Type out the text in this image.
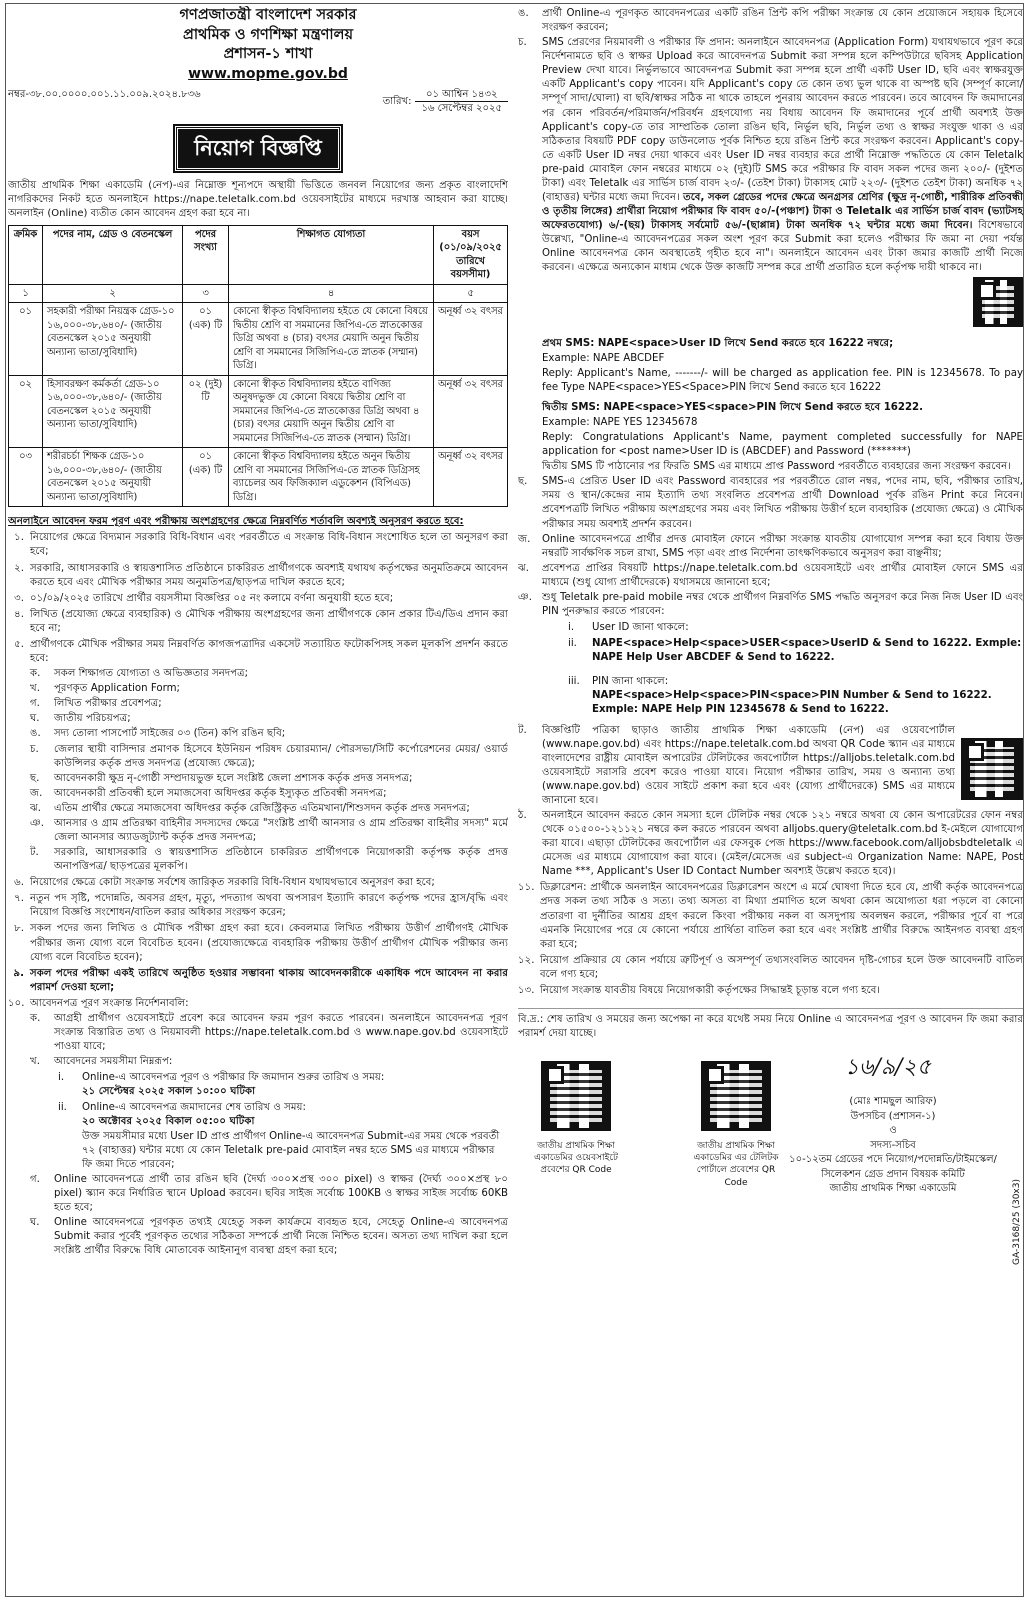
গণপ্রজাতন্ত্রী বাংলাদেশ সরকার
প্রাথমিক ও গণশিক্ষা মন্ত্রণালয়
প্রশাসন-১ শাখা
www.mopme.gov.bd
নম্বর-৩৮.০০.০০০০.০০১.১১.০০৯.২০২৪.৮৩৬
তারিখ:
০১ আশ্বিন ১৪৩২
১৬ সেপ্টেম্বর ২০২৫
নিয়োগ বিজ্ঞপ্তি

জাতীয় প্রাথমিক শিক্ষা একাডেমি (নেপ)-এর নিম্নোক্ত শূন্যপদে অস্থায়ী ভিত্তিতে জনবল নিয়োগের জন্য প্রকৃত বাংলাদেশি নাগরিকদের নিকট হতে অনলাইনে https://nape.teletalk.com.bd ওয়েবসাইটের মাধ্যমে দরখাস্ত আহবান করা যাচ্ছে। অনলাইন (Online) ব্যতীত কোন আবেদন গ্রহণ করা হবে না।

ক্রমিক	পদের নাম, গ্রেড ও বেতনস্কেল	পদের সংখ্যা	শিক্ষাগত যোগ্যতা	বয়স (০১/০৯/২০২৫ তারিখে বয়সসীমা)
১	২	৩	৪	৫
০১	সহকারী পরীক্ষা নিয়ন্ত্রক গ্রেড-১০ ১৬,০০০-৩৮,৬৪০/- (জাতীয় বেতনস্কেল ২০১৫ অনুযায়ী অন্যান্য ভাতা/সুবিধাদি)	০১ (এক) টি	কোনো স্বীকৃত বিশ্ববিদ্যালয় হইতে যে কোনো বিষয়ে দ্বিতীয় শ্রেণি বা সমমানের জিপিএ-তে স্নাতকোত্তর ডিগ্রি অথবা ৪ (চার) বৎসর মেয়াদি অনুন দ্বিতীয় শ্রেণি বা সমমানের সিজিপিএ-তে স্নাতক (সম্মান) ডিগ্রি।	অনূর্ধ্ব ৩২ বৎসর
০২	হিসাবরক্ষণ কর্মকর্তা গ্রেড-১০ ১৬,০০০-৩৮,৬৪০/- (জাতীয় বেতনস্কেল ২০১৫ অনুযায়ী অন্যান্য ভাতা/সুবিধাদি)	০২ (দুই) টি	কোনো স্বীকৃত বিশ্ববিদ্যালয় হইতে বাণিজ্য অনুষদভুক্ত যে কোনো বিষয়ে দ্বিতীয় শ্রেণি বা সমমানের জিপিএ-তে স্নাতকোত্তর ডিগ্রি অথবা ৪ (চার) বৎসর মেয়াদি অনুন দ্বিতীয় শ্রেণি বা সমমানের সিজিপিএ-তে স্নাতক (সম্মান) ডিগ্রি।	অনূর্ধ্ব ৩২ বৎসর
০৩	শরীরচর্চা শিক্ষক গ্রেড-১০ ১৬,০০০-৩৮,৬৪০/- (জাতীয় বেতনস্কেল ২০১৫ অনুযায়ী অন্যান্য ভাতা/সুবিধাদি)	০১ (এক) টি	কোনো স্বীকৃত বিশ্ববিদ্যালয় হইতে অনুন দ্বিতীয় শ্রেণি বা সমমানের সিজিপিএ-তে স্নাতক ডিগ্রিসহ ব্যাচেলর অব ফিজিক্যাল এডুকেশন (বিপিএড) ডিগ্রি।	অনূর্ধ্ব ৩২ বৎসর
অনলাইনে আবেদন ফরম পূরণ এবং পরীক্ষায় অংশগ্রহণের ক্ষেত্রে নিম্নবর্ণিত শর্তাবলি অবশ্যই অনুসরণ করতে হবে:
১. নিয়োগের ক্ষেত্রে বিদ্যমান সরকারি বিধি-বিধান এবং পরবর্তীতে এ সংক্রান্ত বিধি-বিধান সংশোধিত হলে তা অনুসরণ করা হবে;
২. সরকারি, আধাসরকারি ও স্বায়ত্তশাসিত প্রতিষ্ঠানে চাকরিরত প্রার্থীগণকে অবশ্যই যথাযথ কর্তৃপক্ষের অনুমতিক্রমে আবেদন করতে হবে এবং মৌখিক পরীক্ষার সময় অনুমতিপত্র/ছাড়পত্র দাখিল করতে হবে;
৩. ০১/০৯/২০২৫ তারিখে প্রার্থীর বয়সসীমা বিজ্ঞপ্তির ০৫ নং কলামে বর্ণনা অনুযায়ী হতে হবে;
৪. লিখিত (প্রযোজ্য ক্ষেত্রে ব্যবহারিক) ও মৌখিক পরীক্ষায় অংশগ্রহণের জন্য প্রার্থীগণকে কোন প্রকার টিএ/ডিএ প্রদান করা হবে না;
৫. প্রার্থীগণকে মৌখিক পরীক্ষার সময় নিম্নবর্ণিত কাগজপত্রাদির একসেট সত্যায়িত ফটোকপিসহ সকল মূলকপি প্রদর্শন করতে হবে:
ক.	সকল শিক্ষাগত যোগ্যতা ও অভিজ্ঞতার সনদপত্র;
খ.	পূরণকৃত Application Form;
গ.	লিখিত পরীক্ষার প্রবেশপত্র;
ঘ.	জাতীয় পরিচয়পত্র;
ঙ.	সদ্য তোলা পাসপোর্ট সাইজের ০৩ (তিন) কপি রঙিন ছবি;
চ.	জেলার স্থায়ী বাসিন্দার প্রমাণক হিসেবে ইউনিয়ন পরিষদ চেয়ারম্যান/ পৌরসভা/সিটি কর্পোরেশনের মেয়র/ ওয়ার্ড কাউন্সিলর কর্তৃক প্রদত্ত সনদপত্র (প্রযোজ্য ক্ষেত্রে);
ছ.	আবেদনকারী ক্ষুদ্র নৃ-গোষ্ঠী সম্প্রদায়ভুক্ত হলে সংশ্লিষ্ট জেলা প্রশাসক কর্তৃক প্রদত্ত সনদপত্র;
জ.	আবেদনকারী প্রতিবন্ধী হলে সমাজসেবা অধিদপ্তর কর্তৃক ইস্যুকৃত প্রতিবন্ধী সনদপত্র;
ঝ.	এতিম প্রার্থীর ক্ষেত্রে সমাজসেবা অধিদপ্তর কর্তৃক রেজিস্ট্রিকৃত এতিমখানা/শিশুসদন কর্তৃক প্রদত্ত সনদপত্র;
ঞ. আনসার ও গ্রাম প্রতিরক্ষা বাহিনীর সদস্যদের ক্ষেত্রে "সংশ্লিষ্ট প্রার্থী আনসার ও গ্রাম প্রতিরক্ষা বাহিনীর সদস্য" মর্মে জেলা আনসার অ্যাডজুট্যান্ট কর্তৃক প্রদত্ত সনদপত্র;
ট.	সরকারি, আধাসরকারি ও স্বায়ত্তশাসিত প্রতিষ্ঠানে চাকরিরত প্রার্থীগণকে নিয়োগকারী কর্তৃপক্ষ কর্তৃক প্রদত্ত অনাপত্তিপত্র/ ছাড়পত্রের মূলকপি।
৬. নিয়োগের ক্ষেত্রে কোটা সংক্রান্ত সর্বশেষ জারিকৃত সরকারি বিধি-বিধান যথাযথভাবে অনুসরণ করা হবে;
৭. নতুন পদ সৃষ্টি, পদোন্নতি, অবসর গ্রহণ, মৃত্যু, পদত্যাগ অথবা অপসারণ ইত্যাদি কারণে কর্তৃপক্ষ পদের হ্রাস/বৃদ্ধি এবং নিয়োগ বিজ্ঞপ্তি সংশোধন/বাতিল করার অধিকার সংরক্ষণ করেন;
৮. সকল পদের জন্য লিখিত ও মৌখিক পরীক্ষা গ্রহণ করা হবে। কেবলমাত্র লিখিত পরীক্ষায় উত্তীর্ণ প্রার্থীগণই মৌখিক পরীক্ষার জন্য যোগ্য বলে বিবেচিত হবেন। (প্রযোজ্যক্ষেত্রে ব্যবহারিক পরীক্ষায় উত্তীর্ণ প্রার্থীগণ মৌখিক পরীক্ষার জন্য যোগ্য বলে বিবেচিত হবেন);
৯. সকল পদের পরীক্ষা একই তারিখে অনুষ্ঠিত হওয়ার সম্ভাবনা থাকায় আবেদনকারীকে একাধিক পদে আবেদন না করার পরামর্শ দেওয়া হলো;
১০. আবেদনপত্র পূরণ সংক্রান্ত নির্দেশনাবলি:
ক.	আগ্রহী প্রার্থীগণ ওয়েবসাইটে প্রবেশ করে আবেদন ফরম পূরণ করতে পারবেন। অনলাইনে আবেদনপত্র পূরণ সংক্রান্ত বিস্তারিত তথ্য ও নিয়মাবলী https://nape.teletalk.com.bd ও www.nape.gov.bd ওয়েবসাইটে পাওয়া যাবে;
খ.	আবেদনের সময়সীমা নিম্নরূপ:
i.	Online-এ আবেদনপত্র পূরণ ও পরীক্ষার ফি জমাদান শুরুর তারিখ ও সময়:
২১ সেপ্টেম্বর ২০২৫ সকাল ১০:০০ ঘটিকা
ii.	Online-এ আবেদনপত্র জমাদানের শেষ তারিখ ও সময়:
২০ অক্টোবর ২০২৫ বিকাল ০৫:০০ ঘটিকা
উক্ত সময়সীমার মধ্যে User ID প্রাপ্ত প্রার্থীগণ Online-এ আবেদনপত্র Submit-এর সময় থেকে পরবর্তী ৭২ (বাহাত্তর) ঘন্টার মধ্যে যে কোন Teletalk pre-paid মোবাইল নম্বর হতে SMS এর মাধ্যমে পরীক্ষার ফি জমা দিতে পারবেন;
গ.	Online আবেদনপত্রে প্রার্থী তার রঙিন ছবি (দৈর্ঘ্য ৩০০×প্রস্থ ৩০০ pixel) ও স্বাক্ষর (দৈর্ঘ্য ৩০০×প্রস্থ ৮০ pixel) স্ক্যান করে নির্ধারিত স্থানে Upload করবেন। ছবির সাইজ সর্বোচ্চ 100KB ও স্বাক্ষর সাইজ সর্বোচ্চ 60KB হতে হবে;
ঘ.	Online আবেদনপত্রে পূরণকৃত তথ্যই যেহেতু সকল কার্যক্রমে ব্যবহৃত হবে, সেহেতু Online-এ আবেদনপত্র Submit করার পূর্বেই পূরণকৃত তথ্যের সঠিকতা সম্পর্কে প্রার্থী নিজে নিশ্চিত হবেন। অসত্য তথ্য দাখিল করা হলে সংশ্লিষ্ট প্রার্থীর বিরুদ্ধে বিধি মোতাবেক আইনানুগ ব্যবস্থা গ্রহণ করা হবে;
ঙ.	প্রার্থী Online-এ পূরণকৃত আবেদনপত্রের একটি রঙিন প্রিন্ট কপি পরীক্ষা সংক্রান্ত যে কোন প্রয়োজনে সহায়ক হিসেবে সংরক্ষণ করবেন;
চ.	SMS প্রেরণের নিয়মাবলী ও পরীক্ষার ফি প্রদান: অনলাইনে আবেদনপত্র (Application Form) যথাযথভাবে পূরণ করে নির্দেশনামতে ছবি ও স্বাক্ষর Upload করে আবেদনপত্র Submit করা সম্পন্ন হলে কম্পিউটারে ছবিসহ Application Preview দেখা যাবে। নির্ভুলভাবে আবেদনপত্র Submit করা সম্পন্ন হলে প্রার্থী একটি User ID, ছবি এবং স্বাক্ষরযুক্ত একটি Applicant's copy পাবেন। যদি Applicant's copy তে কোন তথ্য ভুল থাকে বা অস্পষ্ট ছবি (সম্পূর্ণ কালো/সম্পূর্ণ সাদা/ঘোলা) বা ছবি/স্বাক্ষর সঠিক না থাকে তাহলে পুনরায় আবেদন করতে পারবেন। তবে আবেদন ফি জমাদানের পর কোন পরিবর্তন/পরিমার্জন/পরিবর্ধন গ্রহণযোগ্য নয় বিধায় আবেদন ফি জমাদানের পূর্বে প্রার্থী অবশ্যই উক্ত Applicant's copy-তে তার সাম্প্রতিক তোলা রঙিন ছবি, নির্ভুল ছবি, নির্ভুল তথ্য ও স্বাক্ষর সংযুক্ত থাকা ও এর সঠিকতার বিষয়টি PDF copy ডাউনলোড পূর্বক নিশ্চিত হয়ে রঙিন প্রিন্ট করে সংরক্ষণ করবেন। Applicant's copy-তে একটি User ID নম্বর দেয়া থাকবে এবং User ID নম্বর ব্যবহার করে প্রার্থী নিম্নোক্ত পদ্ধতিতে যে কোন Teletalk pre-paid মোবাইল ফোন নম্বরের মাধ্যমে ০২ (দুই)টি SMS করে পরীক্ষার ফি বাবদ সকল পদের জন্য ২০০/- (দুইশত টাকা) এবং Teletalk এর সার্ভিস চার্জ বাবদ ২৩/- (তেইশ টাকা) টাকাসহ মোট ২২৩/- (দুইশত তেইশ টাকা) অনধিক ৭২ (বাহাত্তর) ঘন্টার মধ্যে জমা দিবেন। তবে, সকল গ্রেডের পদের ক্ষেত্রে অনগ্রসর শ্রেণির (ক্ষুদ্র নৃ-গোষ্ঠী, শারীরিক প্রতিবন্ধী ও তৃতীয় লিঙ্গের) প্রার্থীরা নিয়োগ পরীক্ষার ফি বাবদ ৫০/-(পঞ্চাশ) টাকা ও Teletalk এর সার্ভিস চার্জ বাবদ (ভ্যাটসহ অফেরতযোগ্য) ৬/-(ছয়) টাকাসহ সর্বমোট ৫৬/-(ছাপ্পান্ন) টাকা অনধিক ৭২ ঘন্টার মধ্যে জমা দিবেন। বিশেষভাবে উল্লেখ্য, "Online-এ আবেদনপত্রের সকল অংশ পূরণ করে Submit করা হলেও পরীক্ষার ফি জমা না দেয়া পর্যন্ত Online আবেদনপত্র কোন অবস্থাতেই গৃহীত হবে না"। অনলাইনে আবেদন এবং টাকা জমার কাজটি প্রার্থী নিজে করবেন। এক্ষেত্রে অন্যকোন মাধ্যম থেকে উক্ত কাজটি সম্পন্ন করে প্রার্থী প্রতারিত হলে কর্তৃপক্ষ দায়ী থাকবে না।

প্রথম SMS: NAPE<space>User ID লিখে Send করতে হবে 16222 নম্বরে;

Example: NAPE ABCDEF

Reply: Applicant's Name, -------/- will be charged as application fee. PIN is 12345678. To pay fee Type NAPE<space>YES<Space>PIN লিখে Send করতে হবে 16222

দ্বিতীয় SMS: NAPE<space>YES<space>PIN লিখে Send করতে হবে 16222.

Example: NAPE YES 12345678

Reply: Congratulations Applicant's Name, payment completed successfully for NAPE application for <post name>User ID is (ABCDEF) and Password (*******)

দ্বিতীয় SMS টি পাঠানোর পর ফিরতি SMS এর মাধ্যমে প্রাপ্ত Password পরবর্তীতে ব্যবহারের জন্য সংরক্ষণ করবেন।

ছ.	SMS-এ প্রেরিত User ID এবং Password ব্যবহারের পর পরবর্তীতে রোল নম্বর, পদের নাম, ছবি, পরীক্ষার তারিখ, সময় ও স্থান/কেন্দ্রের নাম ইত্যাদি তথ্য সংবলিত প্রবেশপত্র প্রার্থী Download পূর্বক রঙিন Print করে নিবেন। প্রবেশপত্রটি লিখিত পরীক্ষায় অংশগ্রহণের সময় এবং লিখিত পরীক্ষায় উত্তীর্ণ হলে ব্যবহারিক (প্রযোজ্য ক্ষেত্রে) ও মৌখিক পরীক্ষার সময় অবশ্যই প্রদর্শন করবেন।
জ.	Online আবেদনপত্রে প্রার্থীর প্রদত্ত মোবাইল ফোনে পরীক্ষা সংক্রান্ত যাবতীয় যোগাযোগ সম্পন্ন করা হবে বিধায় উক্ত নম্বরটি সার্বক্ষণিক সচল রাখা, SMS পড়া এবং প্রাপ্ত নির্দেশনা তাৎক্ষণিকভাবে অনুসরণ করা বাঞ্ছনীয়;
ঝ.	প্রবেশপত্র প্রাপ্তির বিষয়টি https://nape.teletalk.com.bd ওয়েবসাইটে এবং প্রার্থীর মোবাইল ফোনে SMS এর মাধ্যমে (শুধু যোগ্য প্রার্থীদেরকে) যথাসময়ে জানানো হবে;
ঞ. শুধু Teletalk pre-paid mobile নম্বর থেকে প্রার্থীগণ নিম্নবর্ণিত SMS পদ্ধতি অনুসরণ করে নিজ নিজ User ID এবং PIN পুনরুদ্ধার করতে পারবেন:
i.	User ID জানা থাকলে:
ii.	NAPE<space>Help<space>USER<space>UserID & Send to 16222. Exmple: NAPE Help User ABCDEF & Send to 16222.
iii.	PIN জানা থাকলে:
NAPE<space>Help<space>PIN<space>PIN Number & Send to 16222. Exmple: NAPE Help PIN 12345678 & Send to 16222.
ট.	বিজ্ঞপ্তিটি পত্রিকা ছাড়াও জাতীয় প্রাথমিক শিক্ষা একাডেমি (নেপ) এর ওয়েবপোর্টাল (www.nape.gov.bd) এবং https://nape.teletalk.com.bd অথবা QR Code স্ক্যান এর মাধ্যমে বাংলাদেশের রাষ্ট্রীয় মোবাইল অপারেটর টেলিটকের জবপোর্টাল https://alljobs.teletalk.com.bd ওয়েবসাইটে সরাসরি প্রবেশ করেও পাওয়া যাবে। নিয়োগ পরীক্ষার তারিখ, সময় ও অন্যান্য তথ্য (www.nape.gov.bd) ওয়েব সাইটে প্রকাশ করা হবে এবং (যোগ্য প্রার্থীদেরকে) SMS এর মাধ্যমে জানানো হবে।
ঠ.	অনলাইনে আবেদন করতে কোন সমস্যা হলে টেলিটক নম্বর থেকে ১২১ নম্বরে অথবা যে কোন অপারেটরের ফোন নম্বর থেকে ০১৫০০-১২১১২১ নম্বরে কল করতে পারবেন অথবা alljobs.query@teletalk.com.bd ই-মেইলে যোগাযোগ করা যাবে। এছাড়া টেলিটকের জবপোর্টাল এর ফেসবুক পেজ https://www.facebook.com/alljobsbdteletalk এ মেসেজ এর মাধ্যমে যোগাযোগ করা যাবে। (মেইল/মেসেজ এর subject-এ Organization Name: NAPE, Post Name ***, Applicant's User ID Contact Number অবশ্যই উল্লেখ করতে হবে)।
১১. ডিক্লারেশন: প্রার্থীকে অনলাইন আবেদনপত্রের ডিক্লারেশন অংশে এ মর্মে ঘোষণা দিতে হবে যে, প্রার্থী কর্তৃক আবেদনপত্রে প্রদত্ত সকল তথ্য সঠিক ও সত্য। তথ্য অসত্য বা মিথ্যা প্রমাণিত হলে অথবা কোন অযোগ্যতা ধরা পড়লে বা কোনো প্রতারণা বা দুর্নীতির আশ্রয় গ্রহণ করলে কিংবা পরীক্ষায় নকল বা অসদুপায় অবলম্বন করলে, পরীক্ষার পূর্বে বা পরে এমনকি নিয়োগের পরে যে কোনো পর্যায়ে প্রার্থিতা বাতিল করা হবে এবং সংশ্লিষ্ট প্রার্থীর বিরুদ্ধে আইনগত ব্যবস্থা গ্রহণ করা হবে;
১২. নিয়োগ প্রক্রিয়ার যে কোন পর্যায়ে ত্রুটিপূর্ণ ও অসম্পূর্ণ তথ্যসংবলিত আবেদন দৃষ্টি-গোচর হলে উক্ত আবেদনটি বাতিল বলে গণ্য হবে;
১৩. নিয়োগ সংক্রান্ত যাবতীয় বিষয়ে নিয়োগকারী কর্তৃপক্ষের সিদ্ধান্তই চূড়ান্ত বলে গণ্য হবে।

বি.দ্র.: শেষ তারিখ ও সময়ের জন্য অপেক্ষা না করে যথেষ্ট সময় নিয়ে Online এ আবেদনপত্র পূরণ ও আবেদন ফি জমা করার পরামর্শ দেয়া যাচ্ছে।

১৬/৯/২৫
(মোঃ শামছুল আরিফ)
উপসচিব (প্রশাসন-১)
ও
সদস্য-সচিব
১০-১২তম গ্রেডের পদে নিয়োগ/পদোন্নতি/টাইমস্কেল/ সিলেকশন গ্রেড প্রদান বিষয়ক কমিটি
জাতীয় প্রাথমিক শিক্ষা একাডেমি
জাতীয় প্রাথমিক শিক্ষা একাডেমির ওয়েবসাইটে প্রবেশের QR Code
জাতীয় প্রাথমিক শিক্ষা একাডেমির এর টেলিটক পোর্টালে প্রবেশের QR Code	GA-3168/25 (30x3)
